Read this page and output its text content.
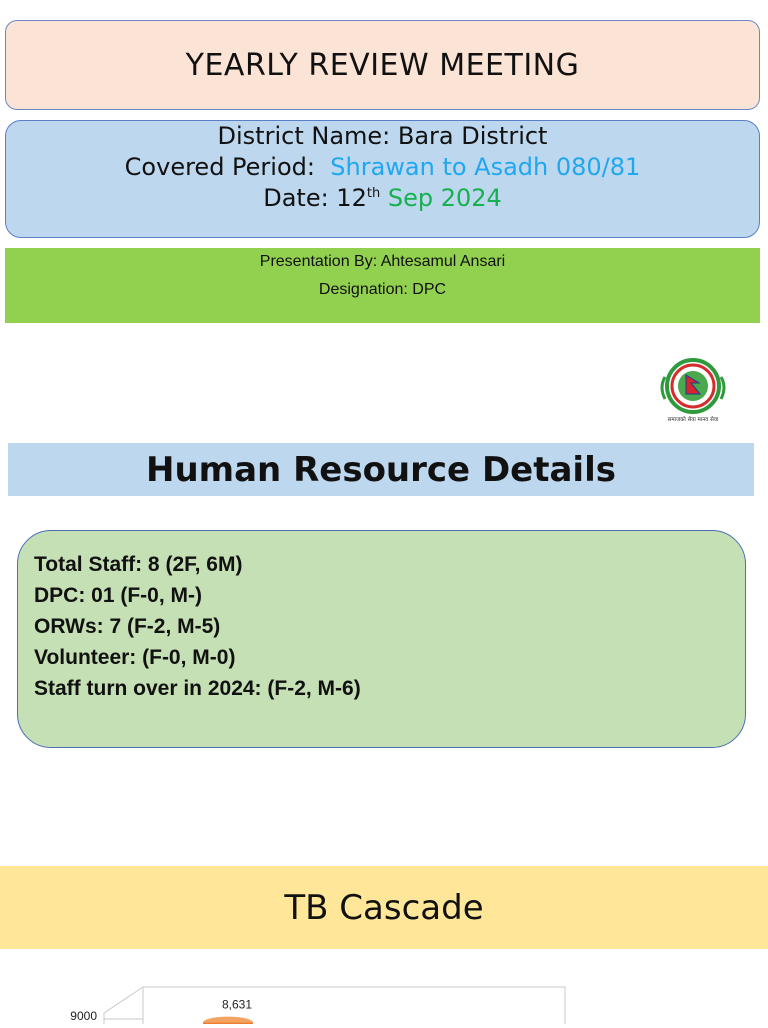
YEARLY REVIEW MEETING
District Name: Bara District
Covered Period: Shrawan to Asadh 080/81
Date: 12th Sep 2024
Presentation By: Ahtesamul Ansari
Designation: DPC
समाजको सेवा मानव सेवा
Human Resource Details
Total Staff: 8 (2F, 6M)
DPC: 01 (F-0, M-)
ORWs: 7 (F-2, M-5)
Volunteer: (F-0, M-0)
Staff turn over in 2024: (F-2, M-6)
TB Cascade
9000
8,631
